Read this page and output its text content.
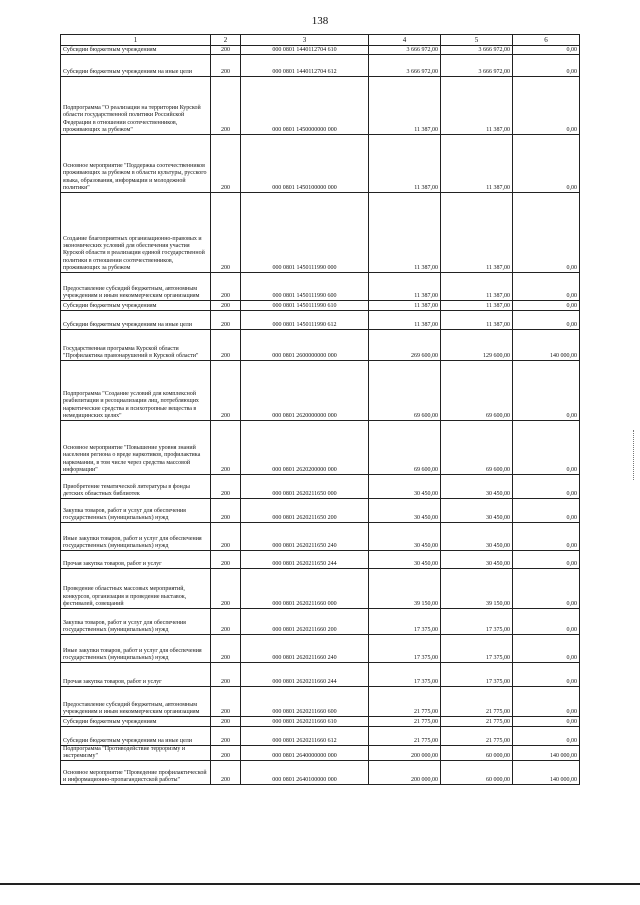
138
1	2	3	4	5	6
Субсидии бюджетным учреждениям	200	000 0801 1440112704 610	3 666 972,00	3 666 972,00	0,00
Субсидии бюджетным учреждениям на иные цели	200	000 0801 1440112704 612	3 666 972,00	3 666 972,00	0,00
Подпрограмма "О реализации на территории Курской области государственной политики Российской Федерации в отношении соотечественников, проживающих за рубежом"	200	000 0801 1450000000 000	11 387,00	11 387,00	0,00
Основное мероприятие "Поддержка соотечественников проживающих за рубежом в области культуры, русского языка, образования, информации и молодежной политики"	200	000 0801 1450100000 000	11 387,00	11 387,00	0,00
Создание благоприятных организационно-правовых и экономических условий для обеспечения участия Курской области в реализации единой государственной политики в отношении соотечественников, проживающих за рубежом	200	000 0801 1450111990 000	11 387,00	11 387,00	0,00
Предоставление субсидий бюджетным, автономным учреждениям и иным некоммерческим организациям	200	000 0801 1450111990 600	11 387,00	11 387,00	0,00
Субсидии бюджетным учреждениям	200	000 0801 1450111990 610	11 387,00	11 387,00	0,00
Субсидии бюджетным учреждениям на иные цели	200	000 0801 1450111990 612	11 387,00	11 387,00	0,00
Государственная программа Курской области "Профилактика правонарушений в Курской области"	200	000 0801 2600000000 000	269 600,00	129 600,00	140 000,00
Подпрограмма "Создание условий для комплексной реабилитации и ресоциализации лиц, потребляющих наркотические средства и психотропные вещества в немедицинских целях"	200	000 0801 2620000000 000	69 600,00	69 600,00	0,00
Основное мероприятие "Повышение уровня знаний населения региона о вреде наркотиков, профилактика наркомании, в том числе через средства массовой информации"	200	000 0801 2620200000 000	69 600,00	69 600,00	0,00
Приобретение тематической литературы в фонды детских областных библиотек	200	000 0801 2620211650 000	30 450,00	30 450,00	0,00
Закупка товаров, работ и услуг для обеспечения государственных (муниципальных) нужд	200	000 0801 2620211650 200	30 450,00	30 450,00	0,00
Иные закупки товаров, работ и услуг для обеспечения государственных (муниципальных) нужд	200	000 0801 2620211650 240	30 450,00	30 450,00	0,00
Прочая закупка товаров, работ и услуг	200	000 0801 2620211650 244	30 450,00	30 450,00	0,00
Проведение областных массовых мероприятий, конкурсов, организация и проведение выставок, фестивалей, совещаний	200	000 0801 2620211660 000	39 150,00	39 150,00	0,00
Закупка товаров, работ и услуг для обеспечения государственных (муниципальных) нужд	200	000 0801 2620211660 200	17 375,00	17 375,00	0,00
Иные закупки товаров, работ и услуг для обеспечения государственных (муниципальных) нужд	200	000 0801 2620211660 240	17 375,00	17 375,00	0,00
Прочая закупка товаров, работ и услуг	200	000 0801 2620211660 244	17 375,00	17 375,00	0,00
Предоставление субсидий бюджетным, автономным учреждениям и иным некоммерческим организациям	200	000 0801 2620211660 600	21 775,00	21 775,00	0,00
Субсидии бюджетным учреждениям	200	000 0801 2620211660 610	21 775,00	21 775,00	0,00
Субсидии бюджетным учреждениям на иные цели	200	000 0801 2620211660 612	21 775,00	21 775,00	0,00
Подпрограмма "Противодействие терроризму и экстремизму"	200	000 0801 2640000000 000	200 000,00	60 000,00	140 000,00
Основное мероприятие "Проведение профилактической и информационно-пропагандистской работы"	200	000 0801 2640100000 000	200 000,00	60 000,00	140 000,00
